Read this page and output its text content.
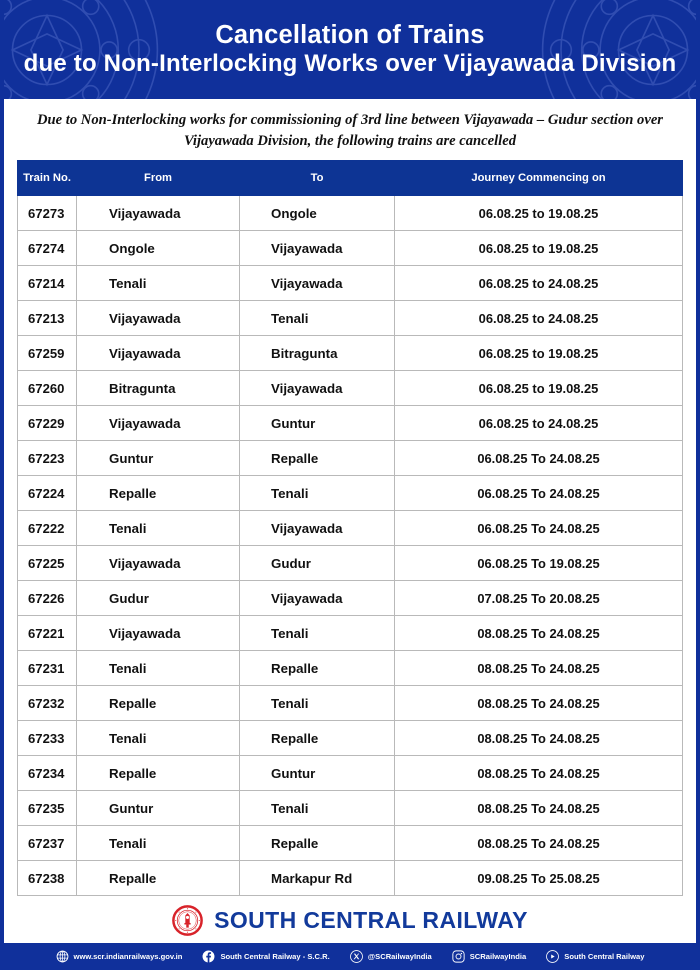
Cancellation of Trains
due to Non-Interlocking Works over Vijayawada Division
Due to Non-Interlocking works for commissioning of 3rd line between Vijayawada – Gudur section over Vijayawada Division, the following trains are cancelled
Train No.	From	To	Journey Commencing on
67273	Vijayawada	Ongole	06.08.25 to 19.08.25
67274	Ongole	Vijayawada	06.08.25 to 19.08.25
67214	Tenali	Vijayawada	06.08.25 to 24.08.25
67213	Vijayawada	Tenali	06.08.25 to 24.08.25
67259	Vijayawada	Bitragunta	06.08.25 to 19.08.25
67260	Bitragunta	Vijayawada	06.08.25 to 19.08.25
67229	Vijayawada	Guntur	06.08.25 to 24.08.25
67223	Guntur	Repalle	06.08.25 To 24.08.25
67224	Repalle	Tenali	06.08.25 To 24.08.25
67222	Tenali	Vijayawada	06.08.25 To 24.08.25
67225	Vijayawada	Gudur	06.08.25 To 19.08.25
67226	Gudur	Vijayawada	07.08.25 To 20.08.25
67221	Vijayawada	Tenali	08.08.25 To 24.08.25
67231	Tenali	Repalle	08.08.25 To 24.08.25
67232	Repalle	Tenali	08.08.25 To 24.08.25
67233	Tenali	Repalle	08.08.25 To 24.08.25
67234	Repalle	Guntur	08.08.25 To 24.08.25
67235	Guntur	Tenali	08.08.25 To 24.08.25
67237	Tenali	Repalle	08.08.25 To 24.08.25
67238	Repalle	Markapur Rd	09.08.25 To 25.08.25
SOUTH CENTRAL RAILWAY
www.scr.indianrailways.gov.in	South Central Railway - S.C.R.	@SCRailwayIndia	SCRailwayIndia	South Central Railway
